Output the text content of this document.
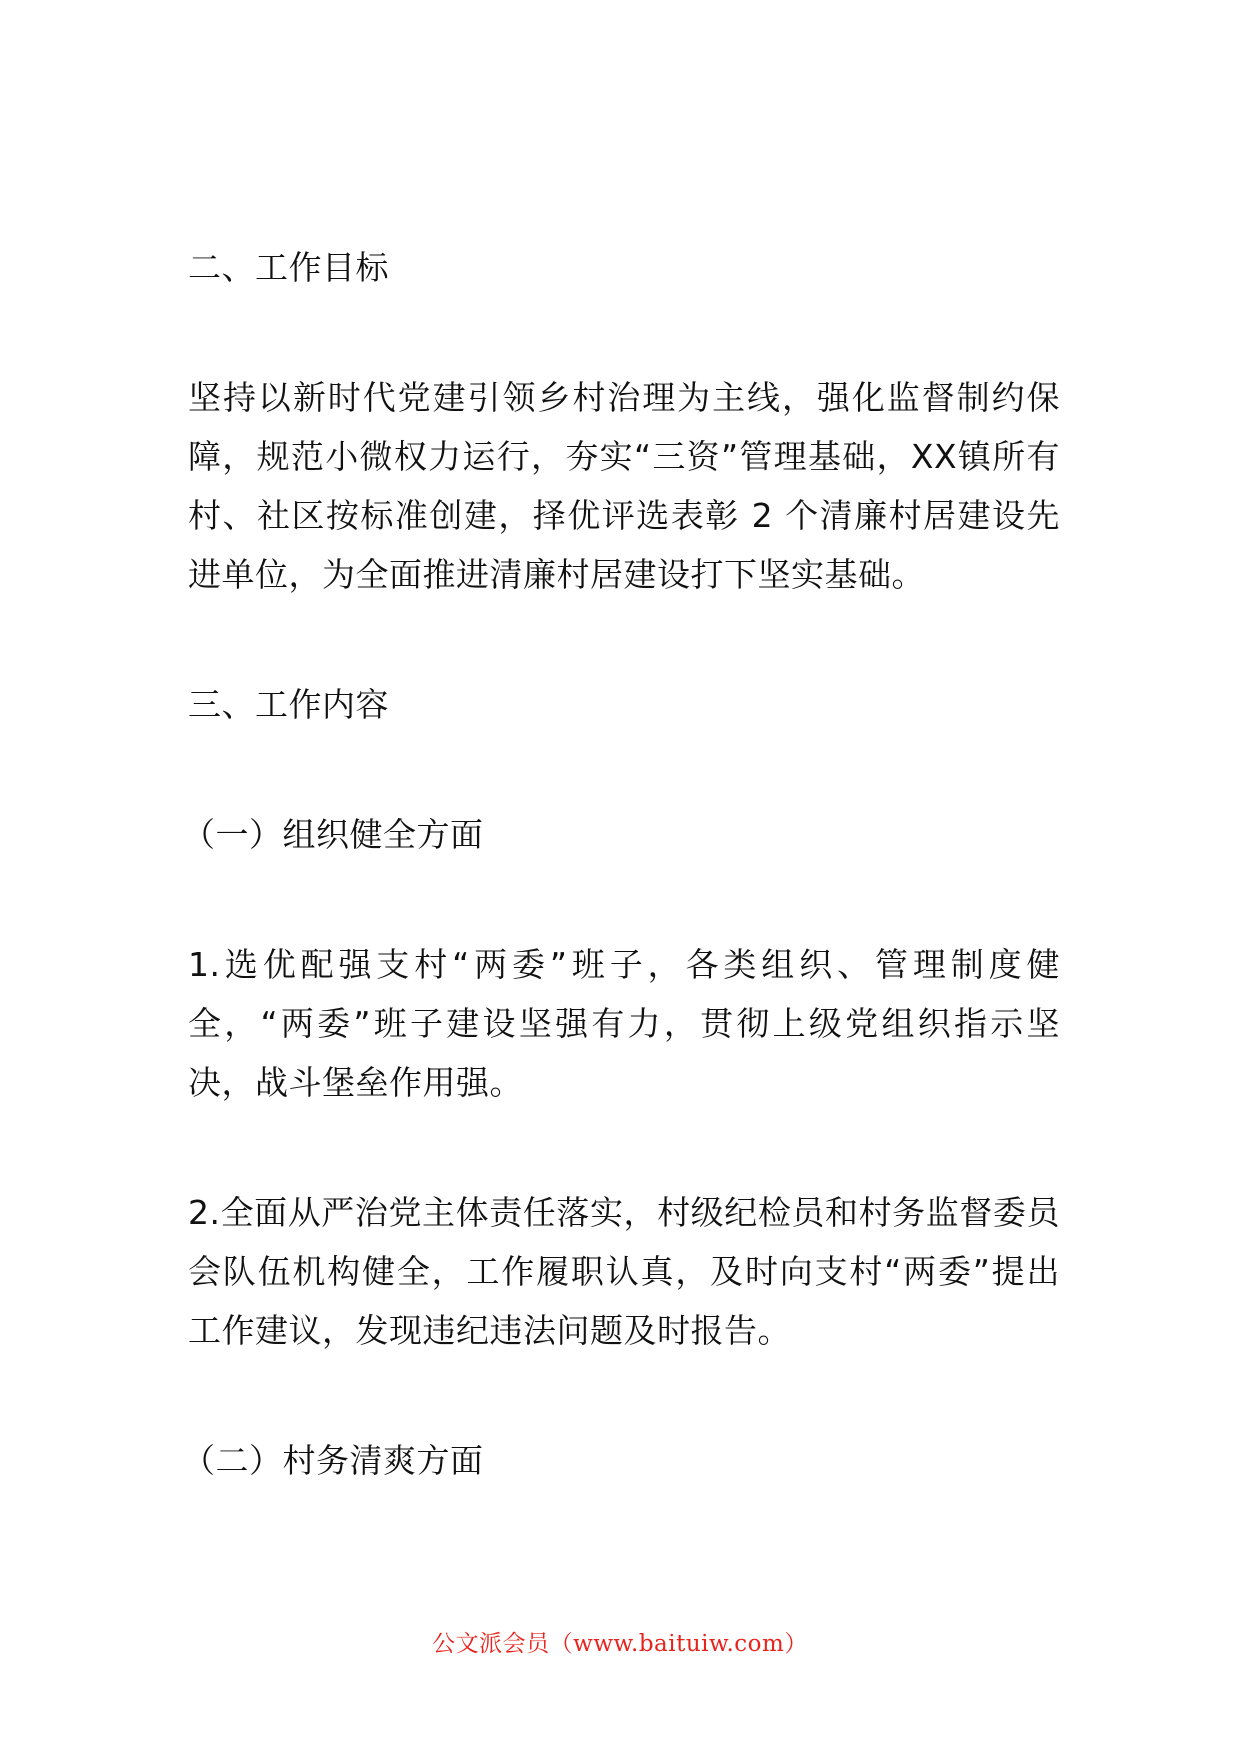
二、工作目标

坚持以新时代党建引领乡村治理为主线，强化监督制约保障，规范小微权力运行，夯实“三资”管理基础，XX镇所有村、社区按标准创建，择优评选表彰 2 个清廉村居建设先进单位，为全面推进清廉村居建设打下坚实基础。

三、工作内容

（一）组织健全方面

1.选优配强支村“两委”班子，各类组织、管理制度健全，“两委”班子建设坚强有力，贯彻上级党组织指示坚决，战斗堡垒作用强。

2.全面从严治党主体责任落实，村级纪检员和村务监督委员会队伍机构健全，工作履职认真，及时向支村“两委”提出工作建议，发现违纪违法问题及时报告。

（二）村务清爽方面

公文派会员（www.baituiw.com）
